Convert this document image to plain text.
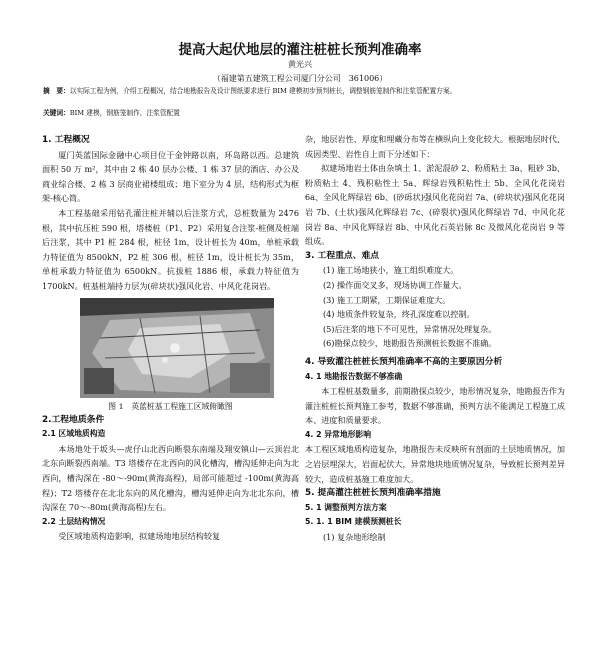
提高大起伏地层的灌注桩桩长预判准确率
黄光兴
（福建第五建筑工程公司厦门分公司　361006）
摘　要：以实际工程为例，介绍工程概况，结合地勘报告及设计图纸要求进行 BIM 建模初步预判桩长，调整钢筋笼制作和注浆管配置方案。
关键词：BIM 建模，钢筋笼制作，注浆管配置

1. 工程概况

厦门英蓝国际金融中心项目位于金钟路以南，环岛路以西。总建筑面积 50 万 m²，其中由 2 栋 40 层办公楼、1 栋 37 层的酒店、办公及商业综合楼、2 栋 3 层商业裙楼组成；地下室分为 4 层，结构形式为框架-核心筒。

本工程基础采用钻孔灌注桩并辅以后注浆方式，总桩数量为 2476 根，其中抗压桩 590 根，塔楼桩（P1、P2）采用复合注浆-桩侧及桩端后注浆，其中 P1 桩 284 根，桩径 1m，设计桩长为 40m，单桩承载力特征值为 8500kN，P2 桩 306 根，桩径 1m，设计桩长为 35m，单桩承载力特征值为 6500kN。抗拔桩 1886 根，承载力特征值为 1700kN。桩基桩端持力层为(碎块状)强风化岩、中风化花岗岩。

图 1　英蓝桩基工程施工区域俯瞰图

2.工程地质条件

2.1 区域地质构造

本场地处于坂头—虎仔山北西向断裂东南端及翔安镇山—云顶岩北北东向断裂西南端。T3 塔楼存在北西向的风化槽沟，槽沟延伸走向为北西向，槽沟深在 -80～-90m(黄海高程)，局部可能超过 -100m(黄海高程)；T2 塔楼存在北北东向的风化槽沟，槽沟延伸走向为北北东向，槽沟深在 70～-80m(黄海高程)左右。

2.2 土层结构情况

受区域地质构造影响，拟建场地地层结构较复

杂，地层岩性、厚度和埋藏分布等在横纵向上变化较大。根据地层时代、成因类型、岩性自上而下分述如下：

拟建场地岩土体由杂填土 1、淤泥混砂 2、粉质粘土 3a、粗砂 3b、粉质粘土 4、残积粘性土 5a、辉绿岩残积粘性土 5b、全风化花岗岩 6a、全风化辉绿岩 6b、(砂砾状)强风化花岗岩 7a、(碎块状)强风化花岗岩 7b、(土状)强风化辉绿岩 7c、(碎裂状)强风化辉绿岩 7d、中风化花岗岩 8a、中风化辉绿岩 8b、中风化石英岩脉 8c 及微风化花岗岩 9 等组成。

3. 工程重点、难点

(1) 施工场地狭小，施工组织难度大。

(2) 操作面交叉多，现场协调工作量大。

(3) 施工工期紧，工期保证难度大。

(4) 地质条件较复杂，终孔深度难以控制。

(5)后注浆的地下不可见性，异常情况处理复杂。

(6)勘探点较少，地勘报告预测桩长数据不准确。

4. 导致灌注桩桩长预判准确率不高的主要原因分析

4. 1 地勘报告数据不够准确

本工程桩基数量多，前期勘探点较少，地形情况复杂，地勘报告作为灌注桩桩长预判施工参考，数据不够准确，预判方法不能满足工程施工成本、进度和质量要求。

4. 2 异常地形影响

本工程区域地质构造复杂，地勘报告未反映所有剖面的土层地质情况，加之岩层埋深大，岩面起伏大，异常地块地质情况复杂，导致桩长预判差异较大，造成桩基施工难度加大。

5. 提高灌注桩桩长预判准确率措施

5. 1 调整预判方法方案

5. 1. 1 BIM 建模预测桩长

(1) 复杂地形绘制
